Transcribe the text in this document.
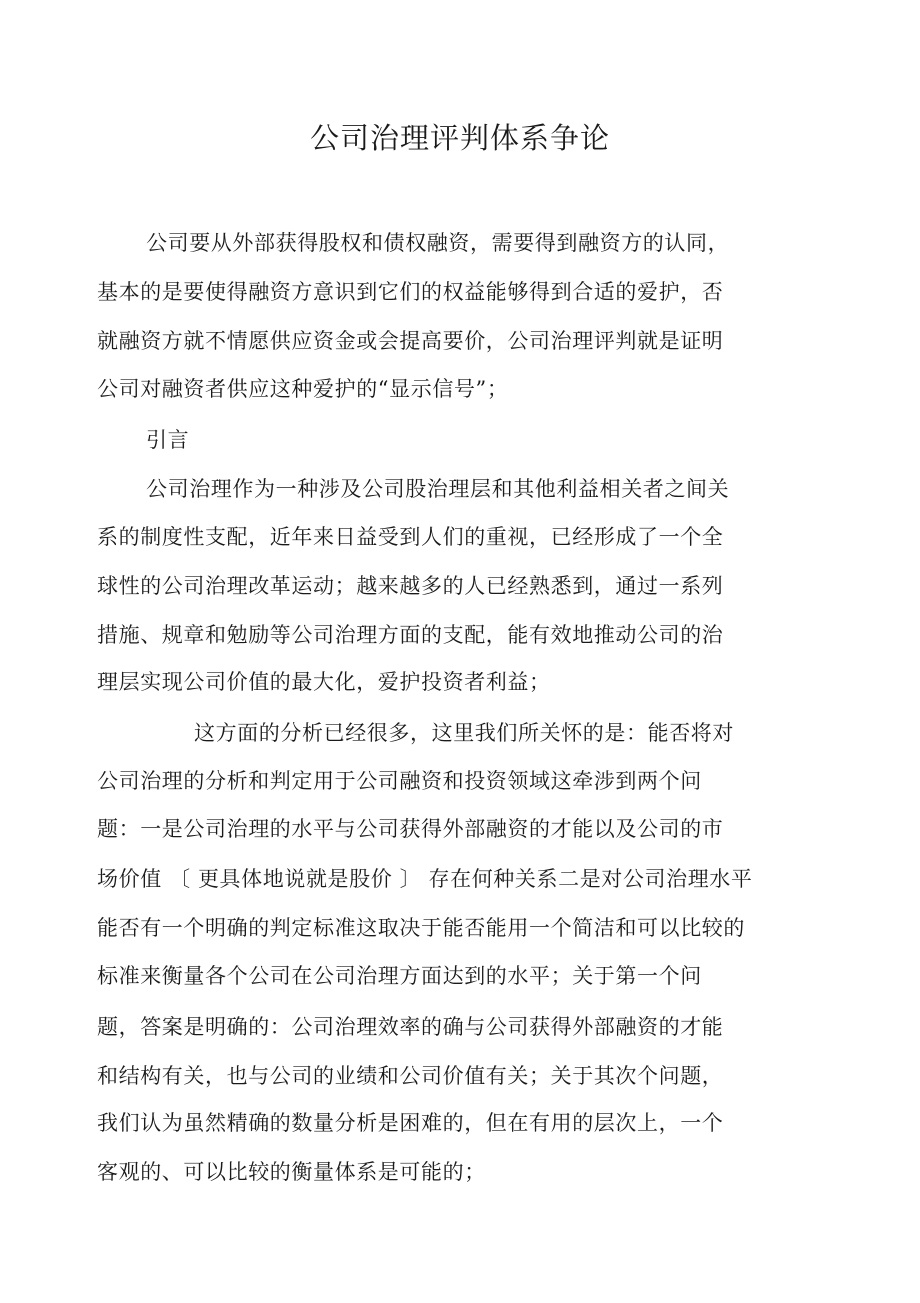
公司治理评判体系争论
公司要从外部获得股权和债权融资，需要得到融资方的认同，
基本的是要使得融资方意识到它们的权益能够得到合适的爱护，否
就融资方就不情愿供应资金或会提高要价，公司治理评判就是证明
公司对融资者供应这种爱护的“显示信号”；
引言
公司治理作为一种涉及公司股治理层和其他利益相关者之间关
系的制度性支配，近年来日益受到人们的重视，已经形成了一个全
球性的公司治理改革运动；越来越多的人已经熟悉到，通过一系列
措施、规章和勉励等公司治理方面的支配，能有效地推动公司的治
理层实现公司价值的最大化，爱护投资者利益；
这方面的分析已经很多，这里我们所关怀的是：能否将对
公司治理的分析和判定用于公司融资和投资领域这牵涉到两个问
题：一是公司治理的水平与公司获得外部融资的才能以及公司的市
场价值 〔 更具体地说就是股价 〕 存在何种关系二是对公司治理水平
能否有一个明确的判定标准这取决于能否能用一个简洁和可以比较的
标准来衡量各个公司在公司治理方面达到的水平；关于第一个问
题，答案是明确的：公司治理效率的确与公司获得外部融资的才能
和结构有关，也与公司的业绩和公司价值有关；关于其次个问题，
我们认为虽然精确的数量分析是困难的，但在有用的层次上，一个
客观的、可以比较的衡量体系是可能的；
